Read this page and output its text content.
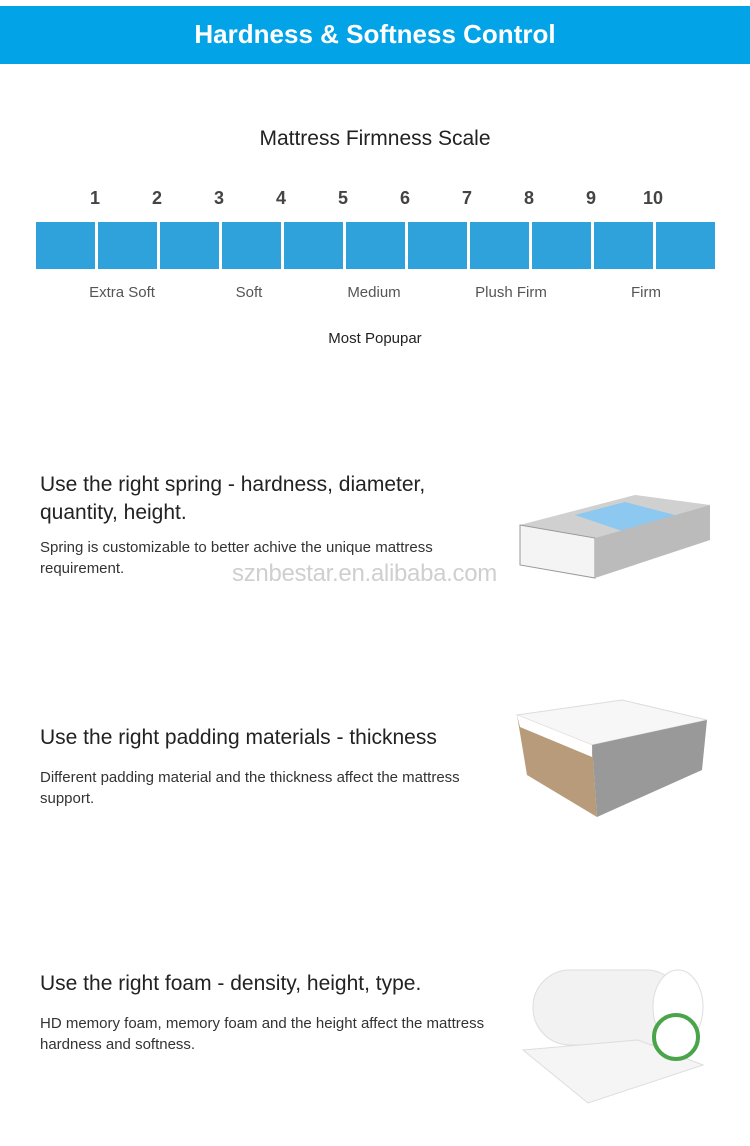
Hardness & Softness Control
Mattress Firmness Scale
1	2	3	4	5	6	7	8	9	10
Extra Soft	Soft	Medium	Plush Firm	Firm
Most Popupar
Use the right spring - hardness, diameter, quantity, height.

Spring is customizable to better achive the unique mattress requirement.	sznbestar.en.alibaba.com
Use the right padding materials - thickness

Different padding material and the thickness affect the mattress support.

Use the right foam - density, height, type.

HD memory foam, memory foam and the height affect the mattress hardness and softness.
